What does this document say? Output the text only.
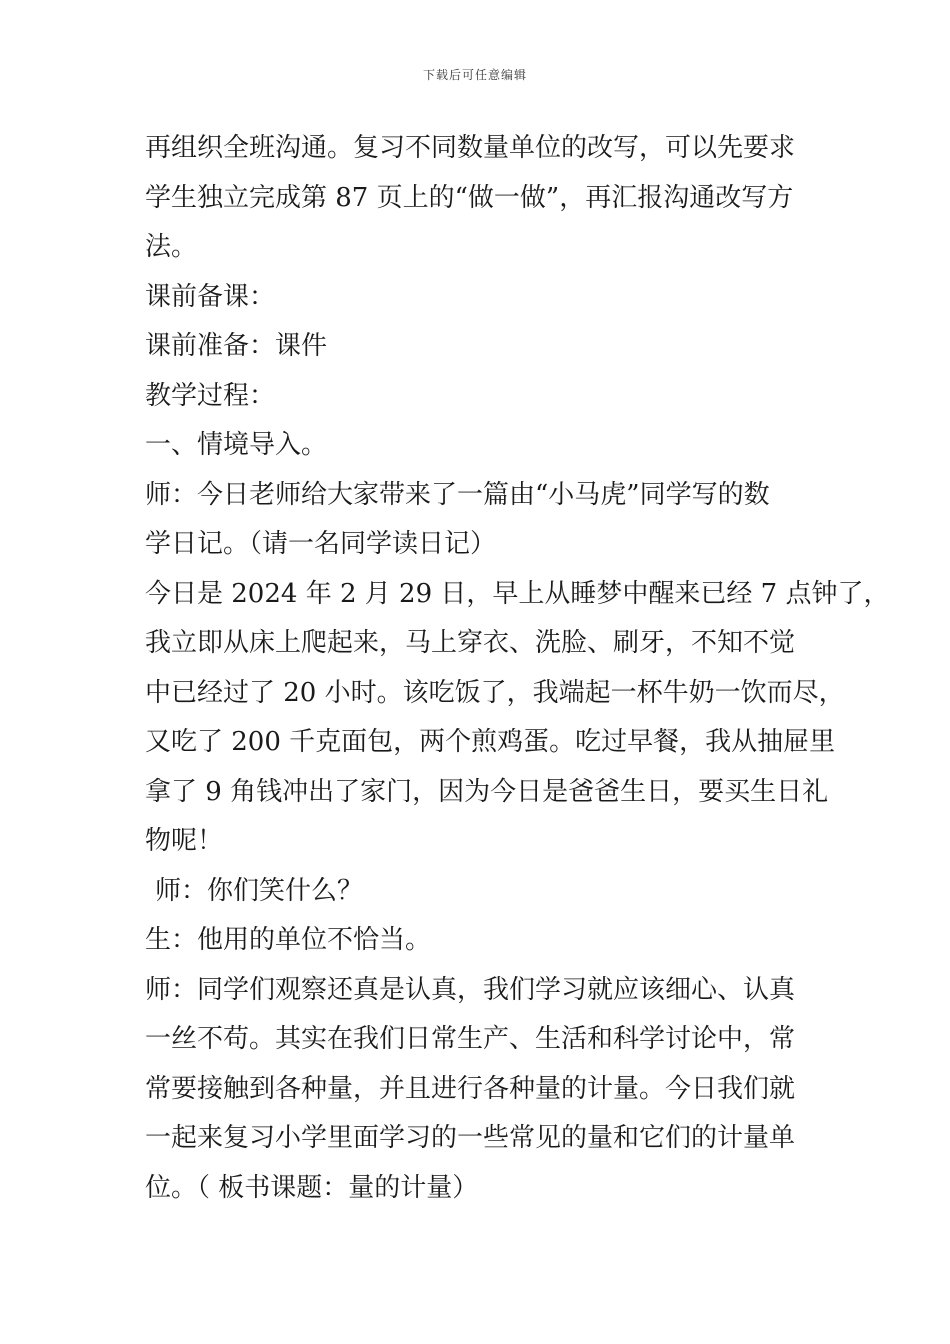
下载后可任意编辑
再组织全班沟通。复习不同数量单位的改写，可以先要求
学生独立完成第 87 页上的“做一做”，再汇报沟通改写方
法。
课前备课：
课前准备：课件
教学过程：
一、情境导入。
师：今日老师给大家带来了一篇由“小马虎”同学写的数
学日记。（请一名同学读日记）
今日是 2024 年 2 月 29 日，早上从睡梦中醒来已经 7 点钟了，
我立即从床上爬起来，马上穿衣、洗脸、刷牙，不知不觉
中已经过了 20 小时。该吃饭了，我端起一杯牛奶一饮而尽，
又吃了 200 千克面包，两个煎鸡蛋。吃过早餐，我从抽屉里
拿了 9 角钱冲出了家门，因为今日是爸爸生日，要买生日礼
物呢！
师：你们笑什么？
生：他用的单位不恰当。
师：同学们观察还真是认真，我们学习就应该细心、认真
一丝不苟。其实在我们日常生产、生活和科学讨论中，常
常要接触到各种量，并且进行各种量的计量。今日我们就
一起来复习小学里面学习的一些常见的量和它们的计量单
位。（ 板书课题：量的计量）
